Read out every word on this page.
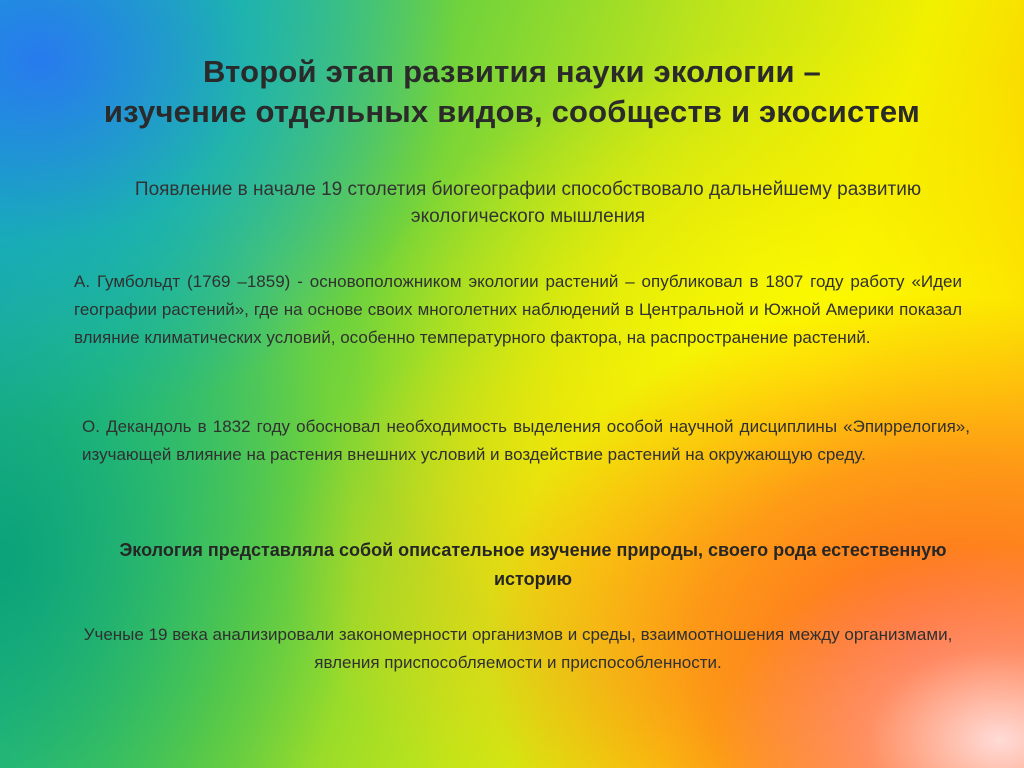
Второй этап развития науки экологии –
изучение отдельных видов, сообществ и экосистем
Появление в начале 19 столетия биогеографии способствовало дальнейшему развитию экологического мышления
А. Гумбольдт (1769 –1859) - основоположником экологии растений – опубликовал в 1807 году работу «Идеи географии растений», где на основе своих многолетних наблюдений в Центральной и Южной Америки показал влияние климатических условий, особенно температурного фактора, на распространение растений.
О. Декандоль в 1832 году обосновал необходимость выделения особой научной дисциплины «Эпиррелогия», изучающей влияние на растения внешних условий и воздействие растений на окружающую среду.
Экология представляла собой описательное изучение природы, своего рода естественную историю
Ученые 19 века анализировали закономерности организмов и среды, взаимоотношения между организмами, явления приспособляемости и приспособленности.
